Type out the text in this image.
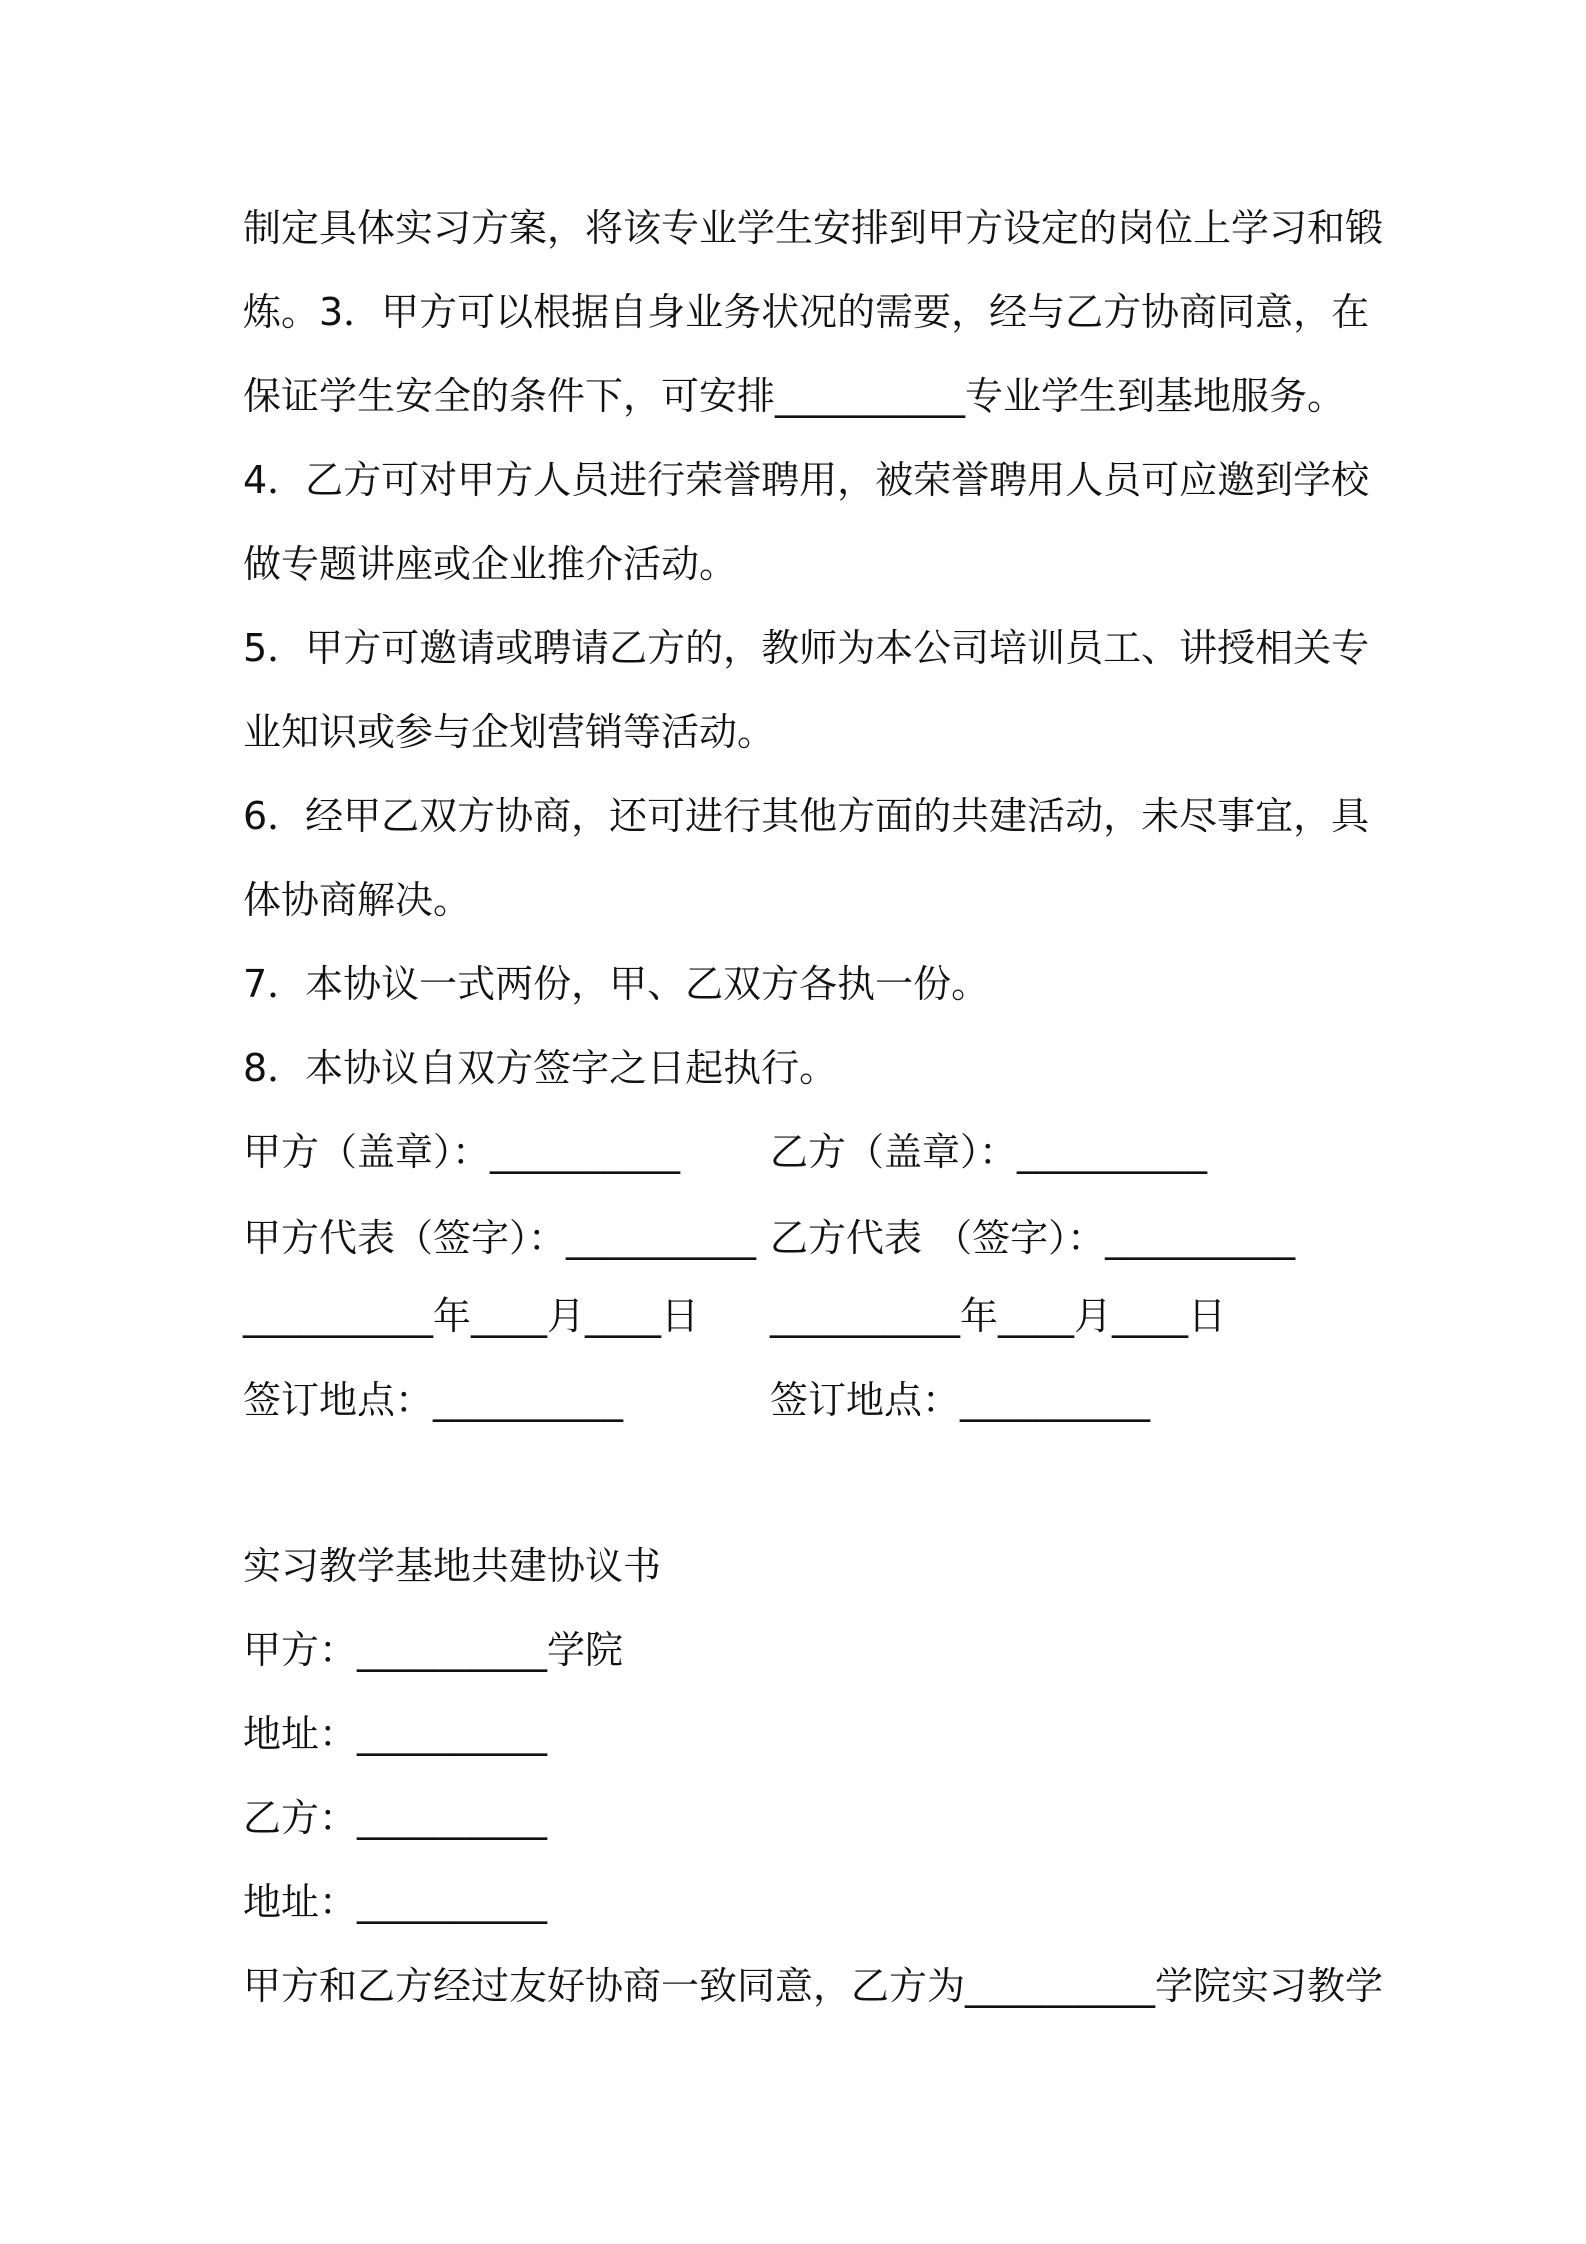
制定具体实习方案，将该专业学生安排到甲方设定的岗位上学习和锻
炼。3．甲方可以根据自身业务状况的需要，经与乙方协商同意，在
保证学生安全的条件下，可安排__________专业学生到基地服务。
4．乙方可对甲方人员进行荣誉聘用，被荣誉聘用人员可应邀到学校
做专题讲座或企业推介活动。
5．甲方可邀请或聘请乙方的，教师为本公司培训员工、讲授相关专
业知识或参与企划营销等活动。
6．经甲乙双方协商，还可进行其他方面的共建活动，未尽事宜，具
体协商解决。
7．本协议一式两份，甲、乙双方各执一份。
8．本协议自双方签字之日起执行。
甲方（盖章）：__________ 乙方（盖章）：__________
甲方代表（签字）：__________ 乙方代表 （签字）：__________
__________年____月____日 __________年____月____日
签订地点：__________	签订地点：__________
实习教学基地共建协议书
甲方：__________学院
地址：__________
乙方：__________
地址：__________
甲方和乙方经过友好协商一致同意，乙方为__________学院实习教学
